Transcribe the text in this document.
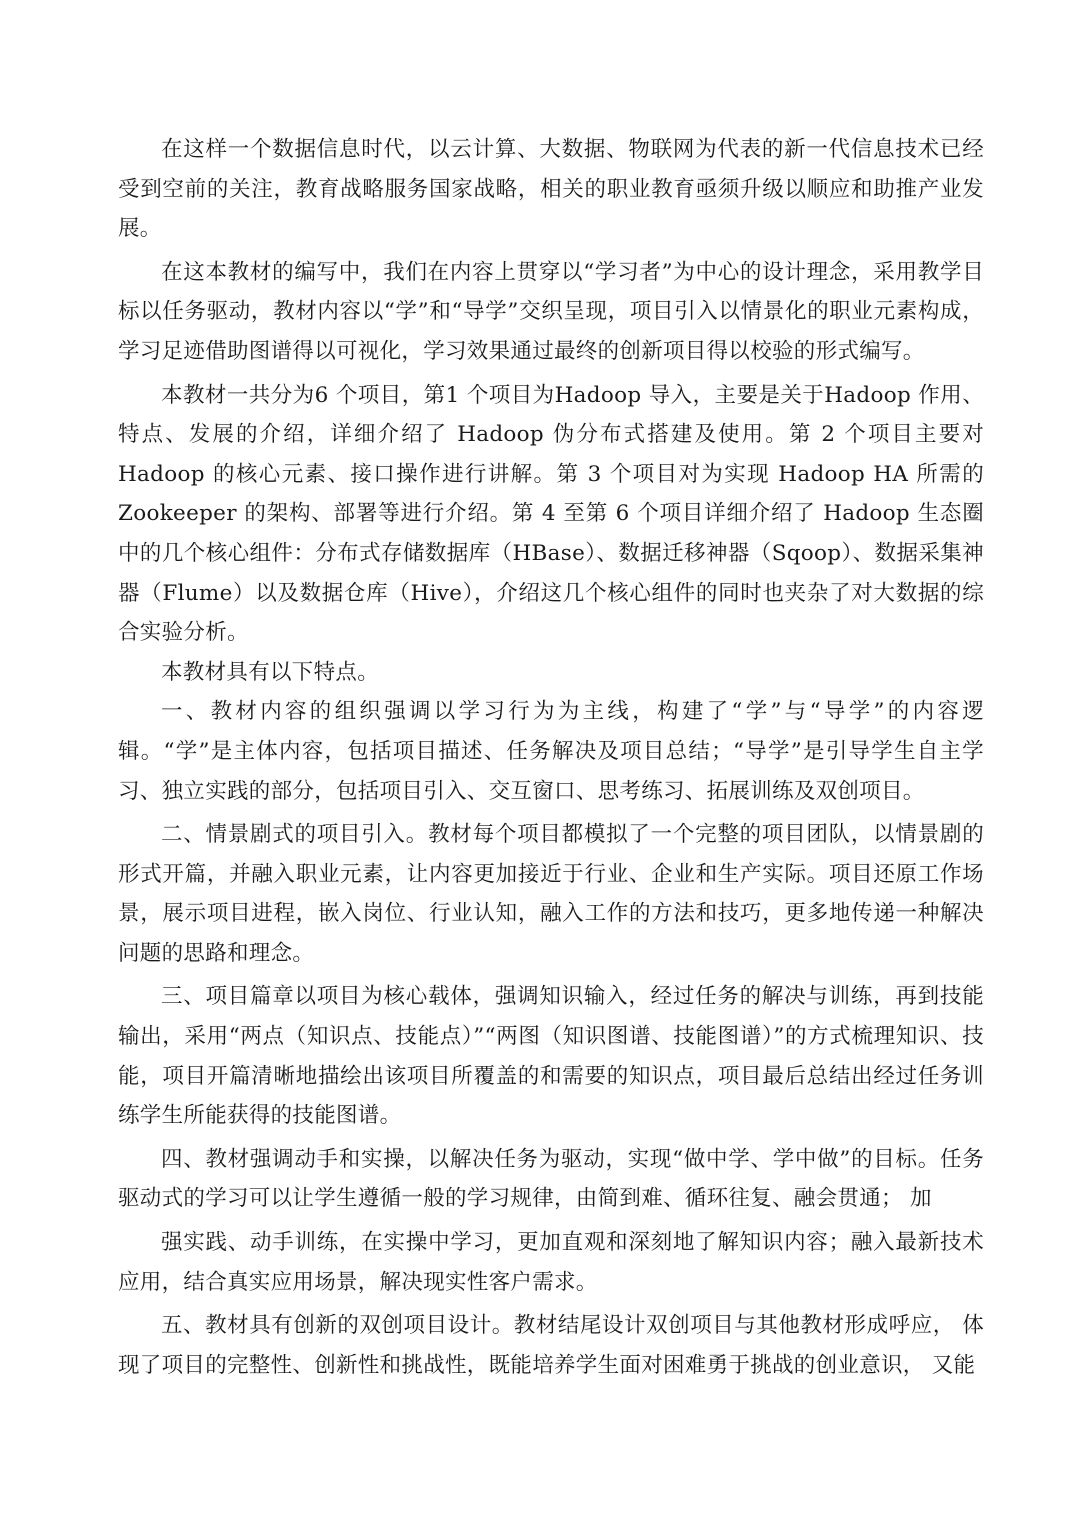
在这样一个数据信息时代，以云计算、大数据、物联网为代表的新一代信息技术已经受到空前的关注，教育战略服务国家战略，相关的职业教育亟须升级以顺应和助推产业发展。

在这本教材的编写中，我们在内容上贯穿以“学习者”为中心的设计理念，采用教学目标以任务驱动，教材内容以“学”和“导学”交织呈现，项目引入以情景化的职业元素构成，学习足迹借助图谱得以可视化，学习效果通过最终的创新项目得以校验的形式编写。

本教材一共分为6 个项目，第1 个项目为Hadoop 导入，主要是关于Hadoop 作用、特点、发展的介绍，详细介绍了 Hadoop 伪分布式搭建及使用。第 2 个项目主要对 Hadoop 的核心元素、接口操作进行讲解。第 3 个项目对为实现 Hadoop HA 所需的 Zookeeper 的架构、部署等进行介绍。第 4 至第 6 个项目详细介绍了 Hadoop 生态圈中的几个核心组件：分布式存储数据库（HBase）、数据迁移神器（Sqoop）、数据采集神器（Flume）以及数据仓库（Hive），介绍这几个核心组件的同时也夹杂了对大数据的综合实验分析。

本教材具有以下特点。

一、教材内容的组织强调以学习行为为主线，构建了“学”与“导学”的内容逻辑。“学”是主体内容，包括项目描述、任务解决及项目总结；“导学”是引导学生自主学习、独立实践的部分，包括项目引入、交互窗口、思考练习、拓展训练及双创项目。

二、情景剧式的项目引入。教材每个项目都模拟了一个完整的项目团队，以情景剧的形式开篇，并融入职业元素，让内容更加接近于行业、企业和生产实际。项目还原工作场景，展示项目进程，嵌入岗位、行业认知，融入工作的方法和技巧，更多地传递一种解决问题的思路和理念。

三、项目篇章以项目为核心载体，强调知识输入，经过任务的解决与训练，再到技能输出，采用“两点（知识点、技能点）”“两图（知识图谱、技能图谱）”的方式梳理知识、技能，项目开篇清晰地描绘出该项目所覆盖的和需要的知识点，项目最后总结出经过任务训练学生所能获得的技能图谱。

四、教材强调动手和实操，以解决任务为驱动，实现“做中学、学中做”的目标。任务驱动式的学习可以让学生遵循一般的学习规律，由简到难、循环往复、融会贯通； 加

强实践、动手训练，在实操中学习，更加直观和深刻地了解知识内容；融入最新技术应用，结合真实应用场景，解决现实性客户需求。

五、教材具有创新的双创项目设计。教材结尾设计双创项目与其他教材形成呼应， 体现了项目的完整性、创新性和挑战性，既能培养学生面对困难勇于挑战的创业意识， 又能
